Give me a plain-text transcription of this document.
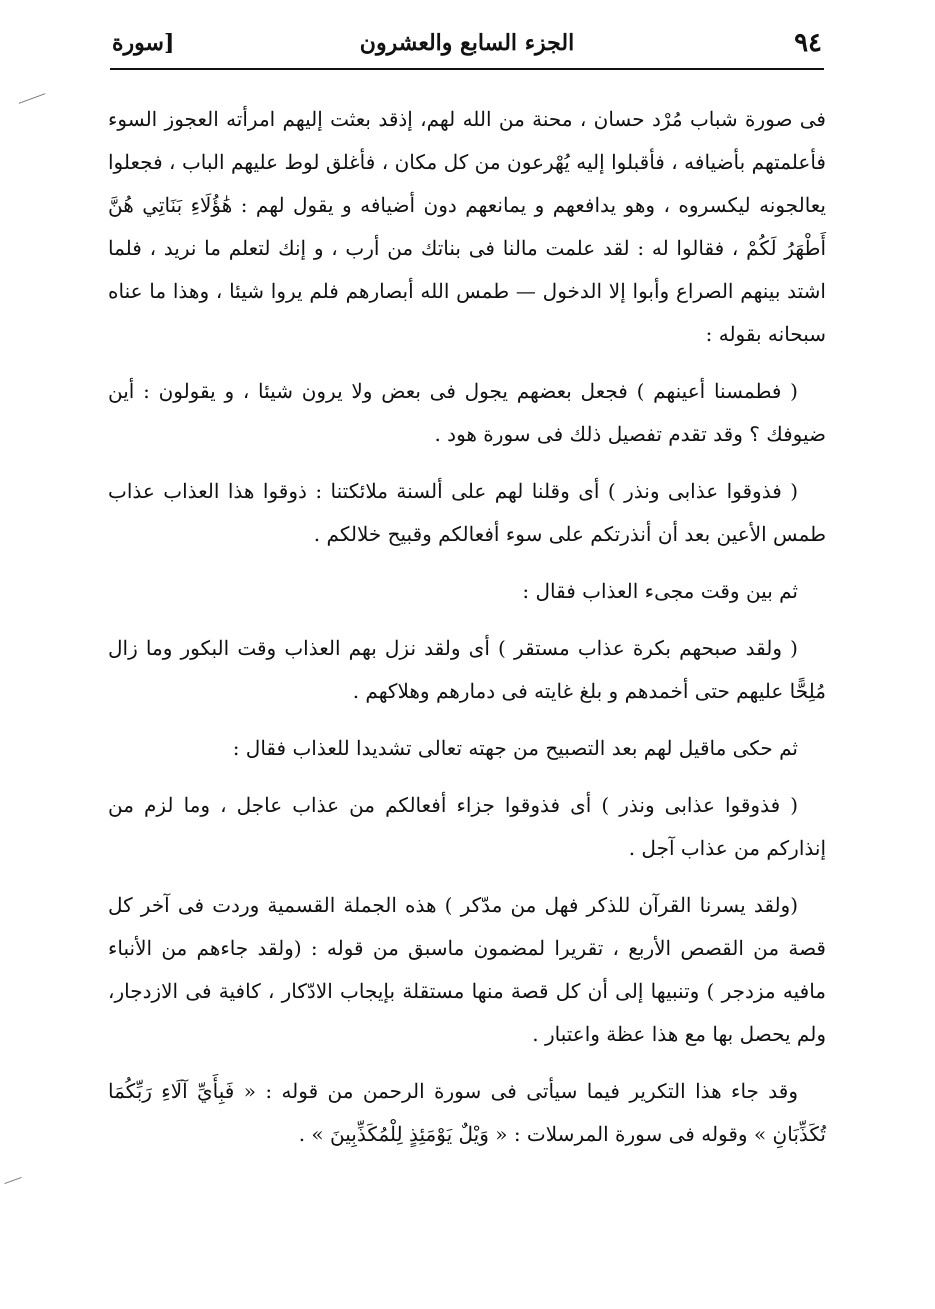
٩٤
الجزء السابع والعشرون
[سورة

فى صورة شباب مُرْد حسان ، محنة من الله لهم، إذقد بعثت إليهم امرأته العجوز السوء فأعلمتهم بأضيافه ، فأقبلوا إليه يُهْرعون من كل مكان ، فأغلق لوط عليهم الباب ، فجعلوا يعالجونه ليكسروه ، وهو يدافعهم و يمانعهم دون أضيافه و يقول لهم : هَٰؤُلَاءِ بَنَاتِي هُنَّ أَطْهَرُ لَكُمْ ، فقالوا له : لقد علمت مالنا فى بناتك من أرب ، و إنك لتعلم ما نريد ، فلما اشتد بينهم الصراع وأبوا إلا الدخول — طمس الله أبصارهم فلم يروا شيئا ، وهذا ما عناه سبحانه بقوله :

( فطمسنا أعينهم ) فجعل بعضهم يجول فى بعض ولا يرون شيئا ، و يقولون : أين ضيوفك ؟ وقد تقدم تفصيل ذلك فى سورة هود .

( فذوقوا عذابى ونذر ) أى وقلنا لهم على ألسنة ملائكتنا : ذوقوا هذا العذاب عذاب طمس الأعين بعد أن أنذرتكم على سوء أفعالكم وقبيح خلالكم .

ثم بين وقت مجىء العذاب فقال :

( ولقد صبحهم بكرة عذاب مستقر ) أى ولقد نزل بهم العذاب وقت البكور وما زال مُلِحًّا عليهم حتى أخمدهم و بلغ غايته فى دمارهم وهلاكهم .

ثم حكى ماقيل لهم بعد التصبيح من جهته تعالى تشديدا للعذاب فقال :

( فذوقوا عذابى ونذر ) أى فذوقوا جزاء أفعالكم من عذاب عاجل ، وما لزم من إنذاركم من عذاب آجل .

(ولقد يسرنا القرآن للذكر فهل من مدّكر ) هذه الجملة القسمية وردت فى آخر كل قصة من القصص الأربع ، تقريرا لمضمون ماسبق من قوله : (ولقد جاءهم من الأنباء مافيه مزدجر ) وتنبيها إلى أن كل قصة منها مستقلة بإيجاب الادّكار ، كافية فى الازدجار، ولم يحصل بها مع هذا عظة واعتبار .

وقد جاء هذا التكرير فيما سيأتى فى سورة الرحمن من قوله : « فَبِأَيِّ آلَاءِ رَبِّكُمَا تُكَذِّبَانِ » وقوله فى سورة المرسلات : « وَيْلٌ يَوْمَئِذٍ لِلْمُكَذِّبِينَ » .
